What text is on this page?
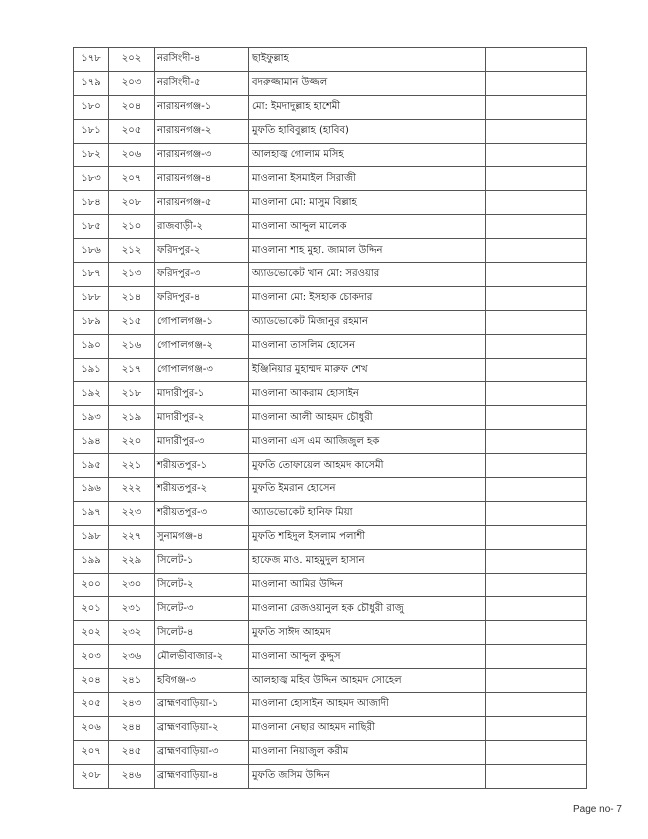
১৭৮	২০২	নরসিংদী-৪	ছাইফুল্লাহ	
১৭৯	২০৩	নরসিংদী-৫	বদরুজ্জামান উজ্জল	
১৮০	২০৪	নারায়নগঞ্জ-১	মো: ইমদাদুল্লাহ হাশেমী	
১৮১	২০৫	নারায়নগঞ্জ-২	মুফতি হাবিবুল্লাহ (হাবিব)	
১৮২	২০৬	নারায়নগঞ্জ-৩	আলহাজ্ব গোলাম মসিহ	
১৮৩	২০৭	নারায়নগঞ্জ-৪	মাওলানা ইসমাইল সিরাজী	
১৮৪	২০৮	নারায়নগঞ্জ-৫	মাওলানা মো: মাসুম বিল্লাহ	
১৮৫	২১০	রাজবাড়ী-২	মাওলানা আব্দুল মালেক	
১৮৬	২১২	ফরিদপুর-২	মাওলানা শাহ মুহা. জামাল উদ্দিন	
১৮৭	২১৩	ফরিদপুর-৩	অ্যাডভোকেট খান মো: সরওয়ার	
১৮৮	২১৪	ফরিদপুর-৪	মাওলানা মো: ইসহাক চোকদার	
১৮৯	২১৫	গোপালগঞ্জ-১	অ্যাডভোকেট মিজানুর রহমান	
১৯০	২১৬	গোপালগঞ্জ-২	মাওলানা তাসলিম হোসেন	
১৯১	২১৭	গোপালগঞ্জ-৩	ইঞ্জিনিয়ার মুহাম্মদ মারুফ শেখ	
১৯২	২১৮	মাদারীপুর-১	মাওলানা আকরাম হোসাইন	
১৯৩	২১৯	মাদারীপুর-২	মাওলানা আলী আহমদ চৌধুরী	
১৯৪	২২০	মাদারীপুর-৩	মাওলানা এস এম আজিজুল হক	
১৯৫	২২১	শরীয়তপুর-১	মুফতি তোফায়েল আহমদ কাসেমী	
১৯৬	২২২	শরীয়তপুর-২	মুফতি ইমরান হোসেন	
১৯৭	২২৩	শরীয়তপুর-৩	অ্যাডভোকেট হানিফ মিয়া	
১৯৮	২২৭	সুনামগঞ্জ-৪	মুফতি শহিদুল ইসলাম পলাশী	
১৯৯	২২৯	সিলেট-১	হাফেজ মাও. মাহমুদুল হাসান	
২০০	২৩০	সিলেট-২	মাওলানা আমির উদ্দিন	
২০১	২৩১	সিলেট-৩	মাওলানা রেজওয়ানুল হক চৌধুরী রাজু	
২০২	২৩২	সিলেট-৪	মুফতি সাঈদ আহমদ	
২০৩	২৩৬	মৌলভীবাজার-২	মাওলানা আব্দুল কুদ্দুস	
২০৪	২৪১	হবিগঞ্জ-৩	আলহাজ্ব মহিব উদ্দিন আহমদ সোহেল	
২০৫	২৪৩	ব্রাহ্মণবাড়িয়া-১	মাওলানা হোসাইন আহমদ আজাদী	
২০৬	২৪৪	ব্রাহ্মণবাড়িয়া-২	মাওলানা নেছার আহমদ নাছিরী	
২০৭	২৪৫	ব্রাহ্মণবাড়িয়া-৩	মাওলানা নিয়াজুল করীম	
২০৮	২৪৬	ব্রাহ্মণবাড়িয়া-৪	মুফতি জসিম উদ্দিন	
Page no- 7
